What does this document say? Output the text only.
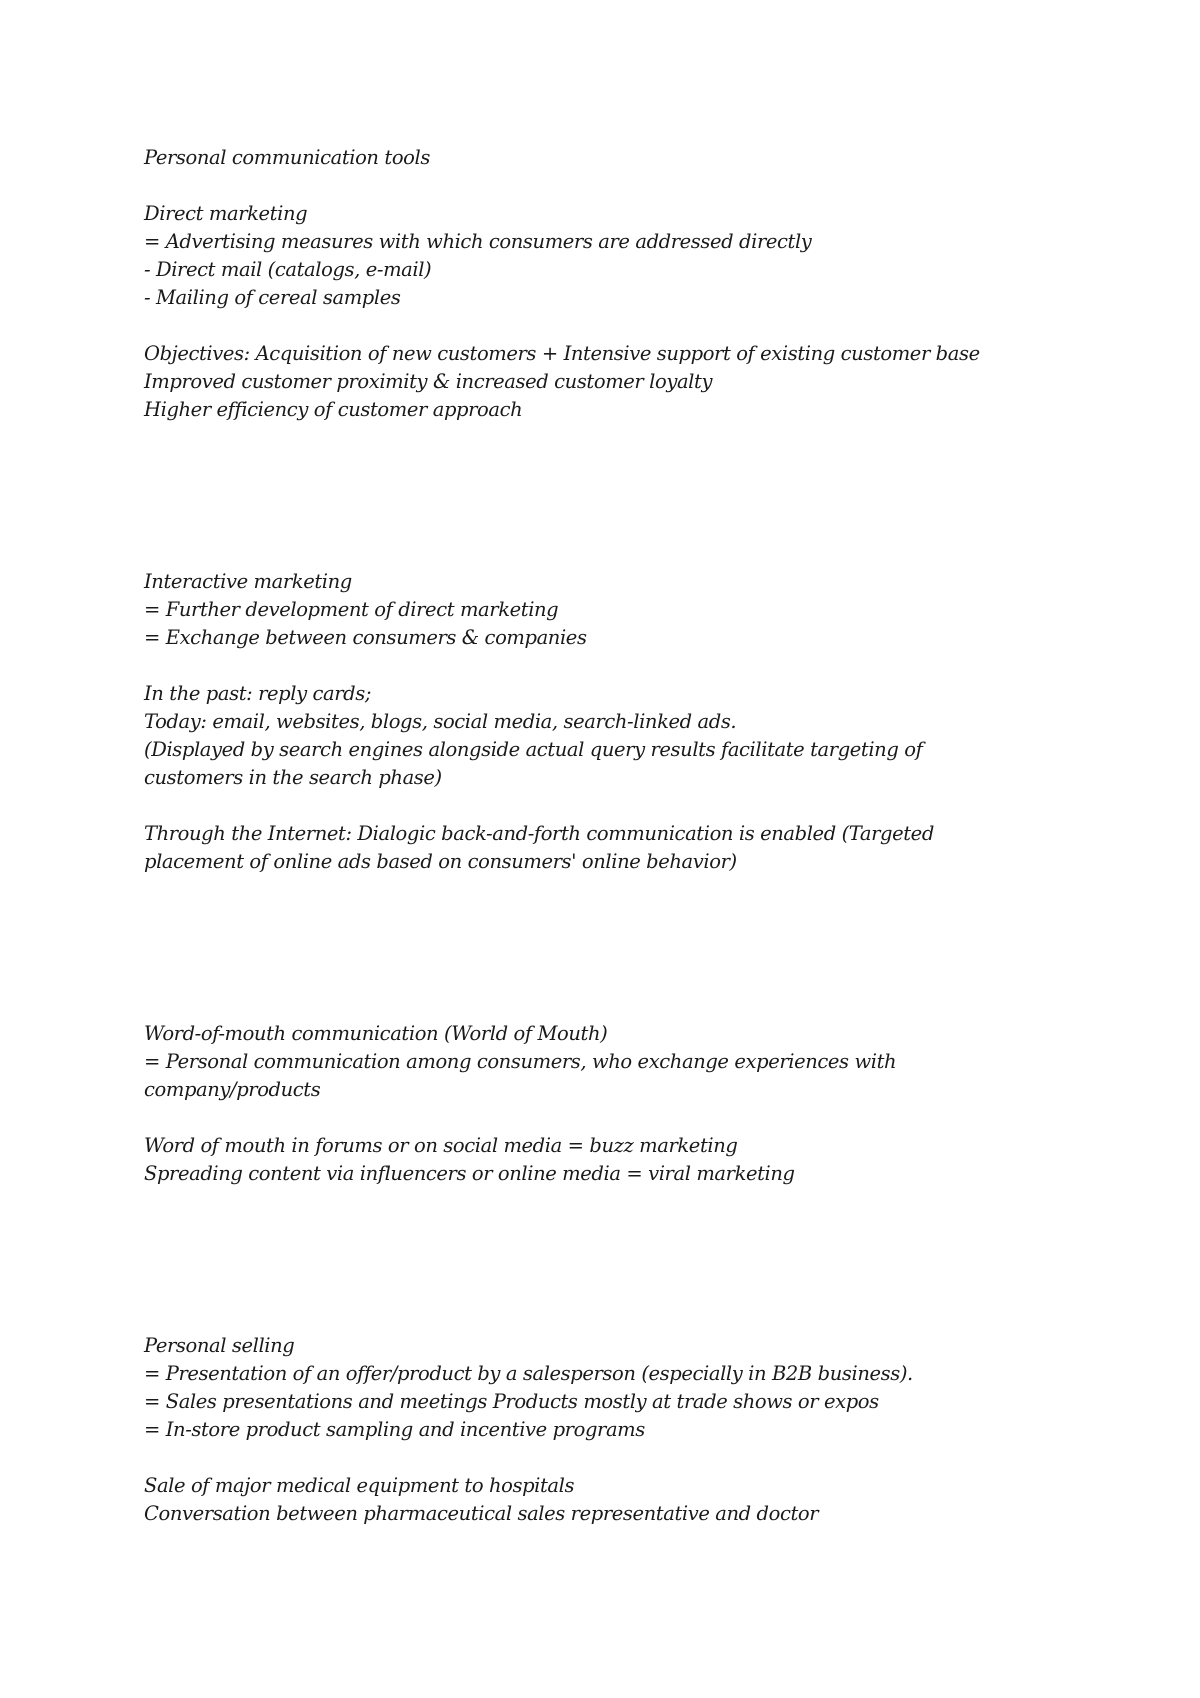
Personal communication tools

Direct marketing

= Advertising measures with which consumers are addressed directly

- Direct mail (catalogs, e-mail)

- Mailing of cereal samples

Objectives: Acquisition of new customers + Intensive support of existing customer base

Improved customer proximity & increased customer loyalty

Higher efficiency of customer approach

Interactive marketing

= Further development of direct marketing

= Exchange between consumers & companies

In the past: reply cards;

Today: email, websites, blogs, social media, search-linked ads.

(Displayed by search engines alongside actual query results facilitate targeting of

customers in the search phase)

Through the Internet: Dialogic back-and-forth communication is enabled (Targeted

placement of online ads based on consumers' online behavior)

Word-of-mouth communication (World of Mouth)

= Personal communication among consumers, who exchange experiences with

company/products

Word of mouth in forums or on social media = buzz marketing

Spreading content via influencers or online media = viral marketing

Personal selling

= Presentation of an offer/product by a salesperson (especially in B2B business).

= Sales presentations and meetings Products mostly at trade shows or expos

= In-store product sampling and incentive programs

Sale of major medical equipment to hospitals

Conversation between pharmaceutical sales representative and doctor
